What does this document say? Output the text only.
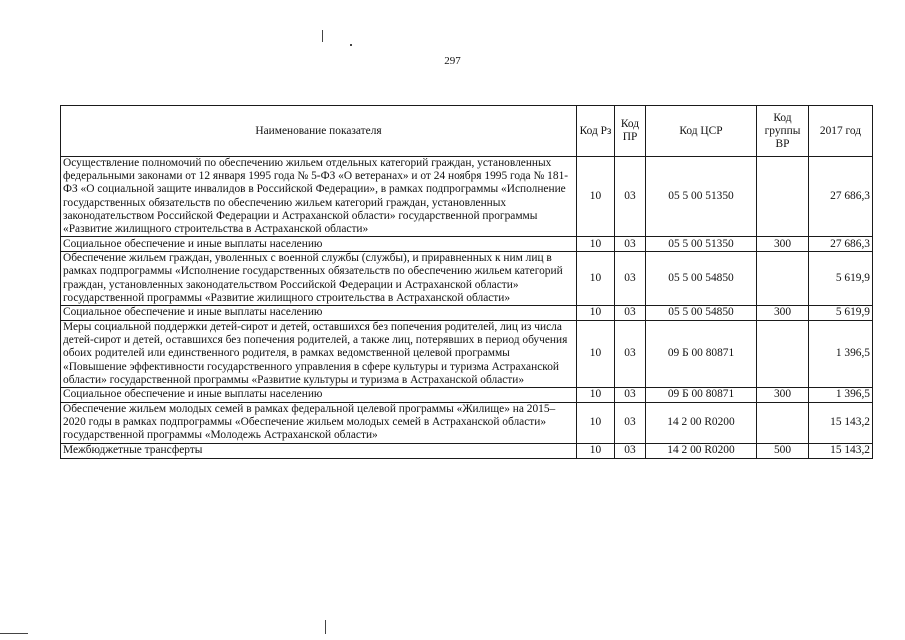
297
Наименование показателя	Код Рз	Код ПР	Код ЦСР	Код группы ВР	2017 год
Осуществление полномочий по обеспечению жильем отдельных категорий граждан, установленных федеральными законами от 12 января 1995 года № 5-ФЗ «О ветеранах» и от 24 ноября 1995 года № 181-ФЗ «О социальной защите инвалидов в Российской Федерации», в рамках подпрограммы «Исполнение государственных обязательств по обеспечению жильем категорий граждан, установленных законодательством Российской Федерации и Астраханской области» государственной программы «Развитие жилищного строительства в Астраханской области»	10	03	05 5 00 51350		27 686,3
Социальное обеспечение и иные выплаты населению	10	03	05 5 00 51350	300	27 686,3
Обеспечение жильем граждан, уволенных с военной службы (службы), и приравненных к ним лиц в рамках подпрограммы «Исполнение государственных обязательств по обеспечению жильем категорий граждан, установленных законодательством Российской Федерации и Астраханской области» государственной программы «Развитие жилищного строительства в Астраханской области»	10	03	05 5 00 54850		5 619,9
Социальное обеспечение и иные выплаты населению	10	03	05 5 00 54850	300	5 619,9
Меры социальной поддержки детей-сирот и детей, оставшихся без попечения родителей, лиц из числа детей-сирот и детей, оставшихся без попечения родителей, а также лиц, потерявших в период обучения обоих родителей или единственного родителя, в рамках ведомственной целевой программы «Повышение эффективности государственного управления в сфере культуры и туризма Астраханской области» государственной программы «Развитие культуры и туризма в Астраханской области»	10	03	09 Б 00 80871		1 396,5
Социальное обеспечение и иные выплаты населению	10	03	09 Б 00 80871	300	1 396,5
Обеспечение жильем молодых семей в рамках федеральной целевой программы «Жилище» на 2015–2020 годы в рамках подпрограммы «Обеспечение жильем молодых семей в Астраханской области» государственной программы «Молодежь Астраханской области»	10	03	14 2 00 R0200		15 143,2
Межбюджетные трансферты	10	03	14 2 00 R0200	500	15 143,2
